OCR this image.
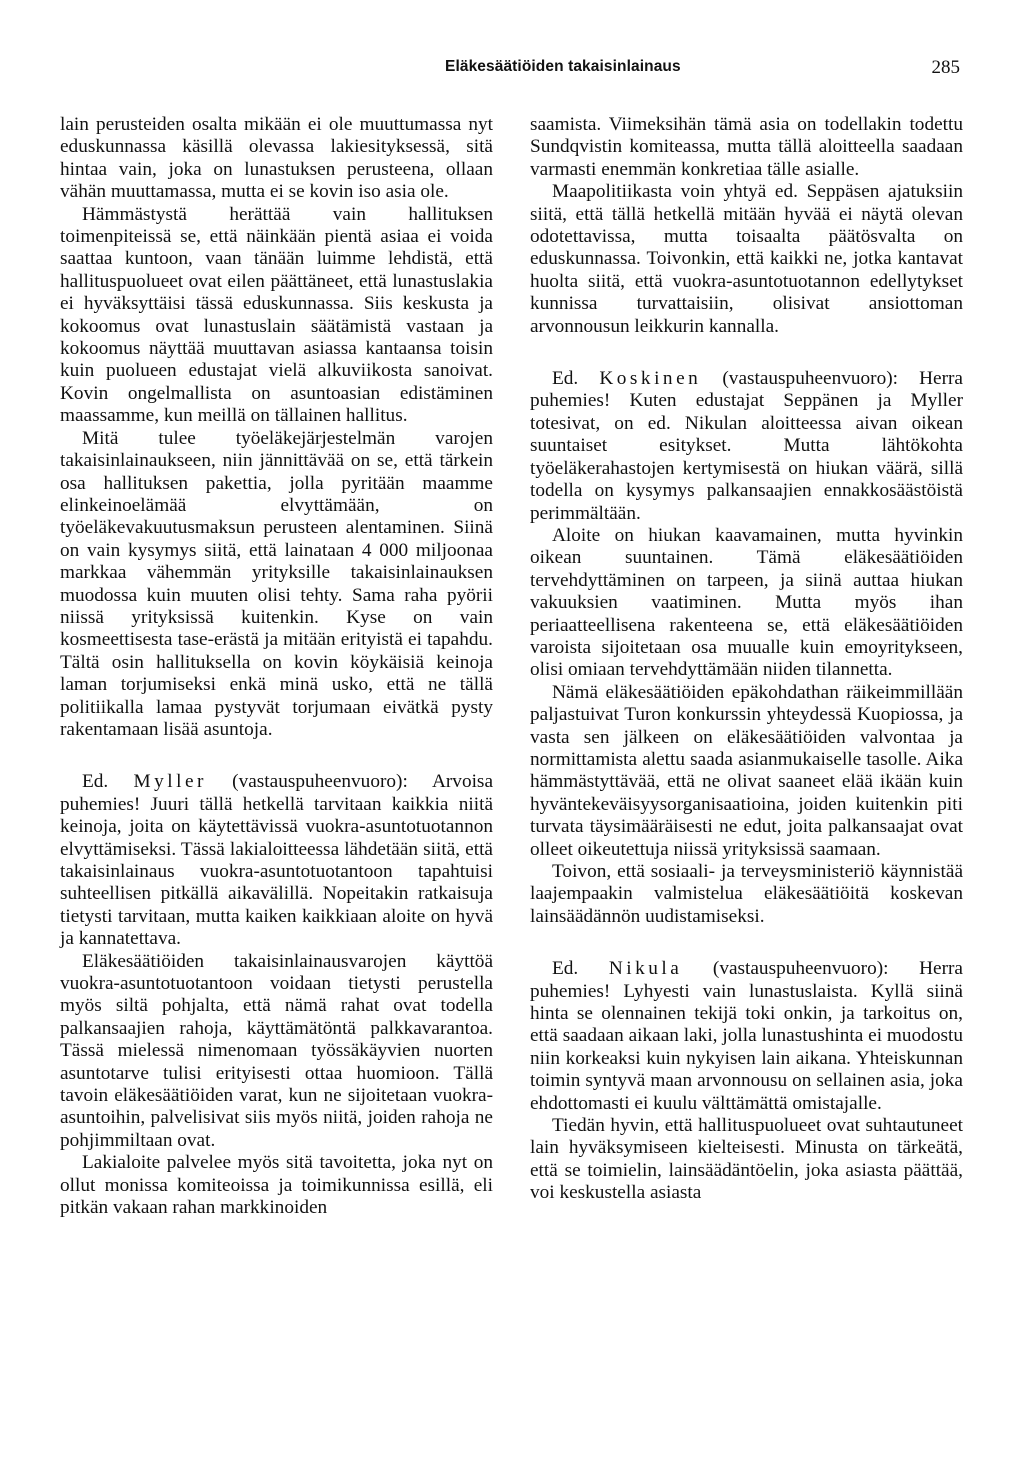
Eläkesäätiöiden takaisinlainaus	285

lain perusteiden osalta mikään ei ole muuttumassa nyt eduskunnassa käsillä olevassa lakiesityksessä, sitä hintaa vain, joka on lunastuksen perusteena, ollaan vähän muuttamassa, mutta ei se kovin iso asia ole.

Hämmästystä herättää vain hallituksen toimenpiteissä se, että näinkään pientä asiaa ei voida saattaa kuntoon, vaan tänään luimme lehdistä, että hallituspuolueet ovat eilen päättäneet, että lunastuslakia ei hyväksyttäisi tässä eduskunnassa. Siis keskusta ja kokoomus ovat lunastuslain säätämistä vastaan ja kokoomus näyttää muuttavan asiassa kantaansa toisin kuin puolueen edustajat vielä alkuviikosta sanoivat. Kovin ongelmallista on asuntoasian edistäminen maassamme, kun meillä on tällainen hallitus.

Mitä tulee työeläkejärjestelmän varojen takaisinlainaukseen, niin jännittävää on se, että tärkein osa hallituksen pakettia, jolla pyritään maamme elinkeinoelämää elvyttämään, on työeläkevakuutusmaksun perusteen alentaminen. Siinä on vain kysymys siitä, että lainataan 4 000 miljoonaa markkaa vähemmän yrityksille takaisinlainauksen muodossa kuin muuten olisi tehty. Sama raha pyörii niissä yrityksissä kuitenkin. Kyse on vain kosmeettisesta tase-erästä ja mitään erityistä ei tapahdu. Tältä osin hallituksella on kovin köykäisiä keinoja laman torjumiseksi enkä minä usko, että ne tällä politiikalla lamaa pystyvät torjumaan eivätkä pysty rakentamaan lisää asuntoja.

Ed. Myller (vastauspuheenvuoro): Arvoisa puhemies! Juuri tällä hetkellä tarvitaan kaikkia niitä keinoja, joita on käytettävissä vuokra-asuntotuotannon elvyttämiseksi. Tässä lakialoitteessa lähdetään siitä, että takaisinlainaus vuokra-asuntotuotantoon tapahtuisi suhteellisen pitkällä aikavälillä. Nopeitakin ratkaisuja tietysti tarvitaan, mutta kaiken kaikkiaan aloite on hyvä ja kannatettava.

Eläkesäätiöiden takaisinlainausvarojen käyttöä vuokra-asuntotuotantoon voidaan tietysti perustella myös siltä pohjalta, että nämä rahat ovat todella palkansaajien rahoja, käyttämätöntä palkkavarantoa. Tässä mielessä nimenomaan työssäkäyvien nuorten asuntotarve tulisi erityisesti ottaa huomioon. Tällä tavoin eläkesäätiöiden varat, kun ne sijoitetaan vuokra-asuntoihin, palvelisivat siis myös niitä, joiden rahoja ne pohjimmiltaan ovat.

Lakialoite palvelee myös sitä tavoitetta, joka nyt on ollut monissa komiteoissa ja toimikunnissa esillä, eli pitkän vakaan rahan markkinoiden

saamista. Viimeksihän tämä asia on todellakin todettu Sundqvistin komiteassa, mutta tällä aloitteella saadaan varmasti enemmän konkretiaa tälle asialle.

Maapolitiikasta voin yhtyä ed. Seppäsen ajatuksiin siitä, että tällä hetkellä mitään hyvää ei näytä olevan odotettavissa, mutta toisaalta päätösvalta on eduskunnassa. Toivonkin, että kaikki ne, jotka kantavat huolta siitä, että vuokra-asuntotuotannon edellytykset kunnissa turvattaisiin, olisivat ansiottoman arvonnousun leikkurin kannalla.

Ed. Koskinen (vastauspuheenvuoro): Herra puhemies! Kuten edustajat Seppänen ja Myller totesivat, on ed. Nikulan aloitteessa aivan oikean suuntaiset esitykset. Mutta lähtökohta työeläkerahastojen kertymisestä on hiukan väärä, sillä todella on kysymys palkansaajien ennakkosäästöistä perimmältään.

Aloite on hiukan kaavamainen, mutta hyvinkin oikean suuntainen. Tämä eläkesäätiöiden tervehdyttäminen on tarpeen, ja siinä auttaa hiukan vakuuksien vaatiminen. Mutta myös ihan periaatteellisena rakenteena se, että eläkesäätiöiden varoista sijoitetaan osa muualle kuin emoyritykseen, olisi omiaan tervehdyttämään niiden tilannetta.

Nämä eläkesäätiöiden epäkohdathan räikeimmillään paljastuivat Turon konkurssin yhteydessä Kuopiossa, ja vasta sen jälkeen on eläkesäätiöiden valvontaa ja normittamista alettu saada asianmukaiselle tasolle. Aika hämmästyttävää, että ne olivat saaneet elää ikään kuin hyväntekeväisyysorganisaatioina, joiden kuitenkin piti turvata täysimääräisesti ne edut, joita palkansaajat ovat olleet oikeutettuja niissä yrityksissä saamaan.

Toivon, että sosiaali- ja terveysministeriö käynnistää laajempaakin valmistelua eläkesäätiöitä koskevan lainsäädännön uudistamiseksi.

Ed. Nikula (vastauspuheenvuoro): Herra puhemies! Lyhyesti vain lunastuslaista. Kyllä siinä hinta se olennainen tekijä toki onkin, ja tarkoitus on, että saadaan aikaan laki, jolla lunastushinta ei muodostu niin korkeaksi kuin nykyisen lain aikana. Yhteiskunnan toimin syntyvä maan arvonnousu on sellainen asia, joka ehdottomasti ei kuulu välttämättä omistajalle.

Tiedän hyvin, että hallituspuolueet ovat suhtautuneet lain hyväksymiseen kielteisesti. Minusta on tärkeätä, että se toimielin, lainsäädäntöelin, joka asiasta päättää, voi keskustella asiasta
